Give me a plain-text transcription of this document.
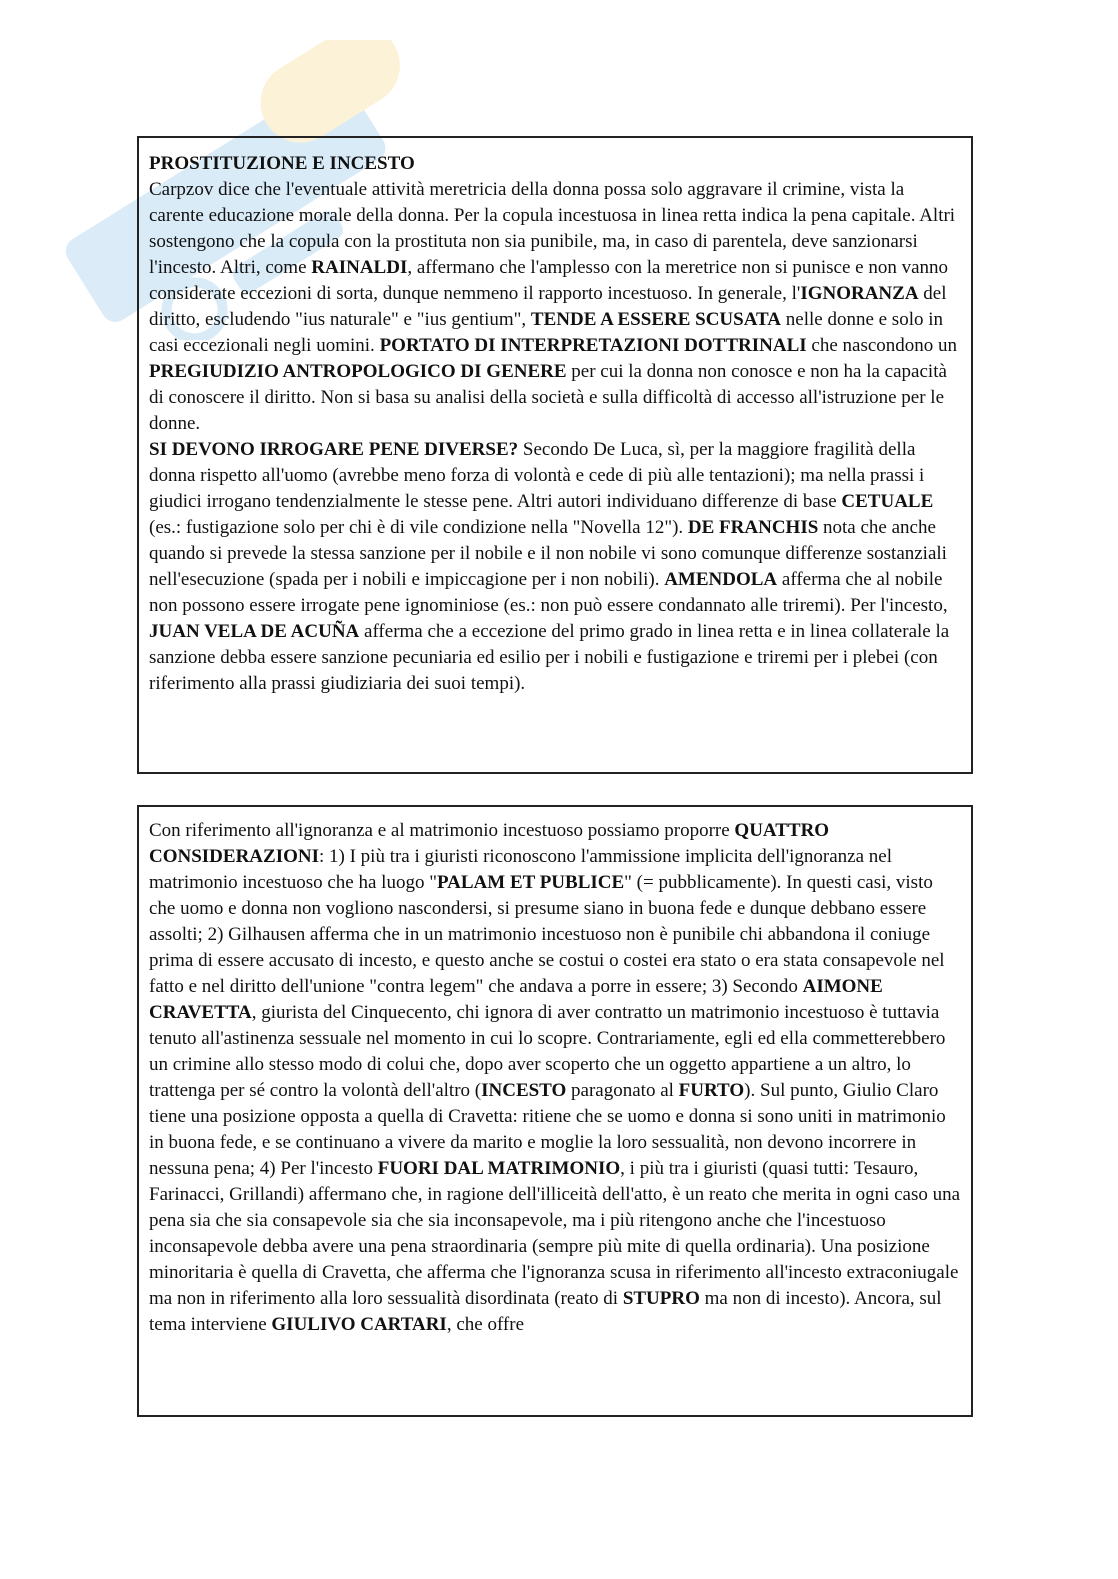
PROSTITUZIONE E INCESTO
Carpzov dice che l'eventuale attività meretricia della donna possa solo aggravare il crimine, vista la carente educazione morale della donna. Per la copula incestuosa in linea retta indica la pena capitale. Altri sostengono che la copula con la prostituta non sia punibile, ma, in caso di parentela, deve sanzionarsi l'incesto. Altri, come RAINALDI, affermano che l'amplesso con la meretrice non si punisce e non vanno considerate eccezioni di sorta, dunque nemmeno il rapporto incestuoso. In generale, l'IGNORANZA del diritto, escludendo "ius naturale" e "ius gentium", TENDE A ESSERE SCUSATA nelle donne e solo in casi eccezionali negli uomini. PORTATO DI INTERPRETAZIONI DOTTRINALI che nascondono un PREGIUDIZIO ANTROPOLOGICO DI GENERE per cui la donna non conosce e non ha la capacità di conoscere il diritto. Non si basa su analisi della società e sulla difficoltà di accesso all'istruzione per le donne.
SI DEVONO IRROGARE PENE DIVERSE? Secondo De Luca, sì, per la maggiore fragilità della donna rispetto all'uomo (avrebbe meno forza di volontà e cede di più alle tentazioni); ma nella prassi i giudici irrogano tendenzialmente le stesse pene. Altri autori individuano differenze di base CETUALE (es.: fustigazione solo per chi è di vile condizione nella "Novella 12"). DE FRANCHIS nota che anche quando si prevede la stessa sanzione per il nobile e il non nobile vi sono comunque differenze sostanziali nell'esecuzione (spada per i nobili e impiccagione per i non nobili). AMENDOLA afferma che al nobile non possono essere irrogate pene ignominiose (es.: non può essere condannato alle triremi). Per l'incesto, JUAN VELA DE ACUÑA afferma che a eccezione del primo grado in linea retta e in linea collaterale la sanzione debba essere sanzione pecuniaria ed esilio per i nobili e fustigazione e triremi per i plebei (con riferimento alla prassi giudiziaria dei suoi tempi).

Con riferimento all'ignoranza e al matrimonio incestuoso possiamo proporre QUATTRO CONSIDERAZIONI: 1) I più tra i giuristi riconoscono l'ammissione implicita dell'ignoranza nel matrimonio incestuoso che ha luogo "PALAM ET PUBLICE" (= pubblicamente). In questi casi, visto che uomo e donna non vogliono nascondersi, si presume siano in buona fede e dunque debbano essere assolti; 2) Gilhausen afferma che in un matrimonio incestuoso non è punibile chi abbandona il coniuge prima di essere accusato di incesto, e questo anche se costui o costei era stato o era stata consapevole nel fatto e nel diritto dell'unione "contra legem" che andava a porre in essere; 3) Secondo AIMONE CRAVETTA, giurista del Cinquecento, chi ignora di aver contratto un matrimonio incestuoso è tuttavia tenuto all'astinenza sessuale nel momento in cui lo scopre. Contrariamente, egli ed ella commetterebbero un crimine allo stesso modo di colui che, dopo aver scoperto che un oggetto appartiene a un altro, lo trattenga per sé contro la volontà dell'altro (INCESTO paragonato al FURTO). Sul punto, Giulio Claro tiene una posizione opposta a quella di Cravetta: ritiene che se uomo e donna si sono uniti in matrimonio in buona fede, e se continuano a vivere da marito e moglie la loro sessualità, non devono incorrere in nessuna pena; 4) Per l'incesto FUORI DAL MATRIMONIO, i più tra i giuristi (quasi tutti: Tesauro, Farinacci, Grillandi) affermano che, in ragione dell'illiceità dell'atto, è un reato che merita in ogni caso una pena sia che sia consapevole sia che sia inconsapevole, ma i più ritengono anche che l'incestuoso inconsapevole debba avere una pena straordinaria (sempre più mite di quella ordinaria). Una posizione minoritaria è quella di Cravetta, che afferma che l'ignoranza scusa in riferimento all'incesto extraconiugale ma non in riferimento alla loro sessualità disordinata (reato di STUPRO ma non di incesto). Ancora, sul tema interviene GIULIVO CARTARI, che offre
